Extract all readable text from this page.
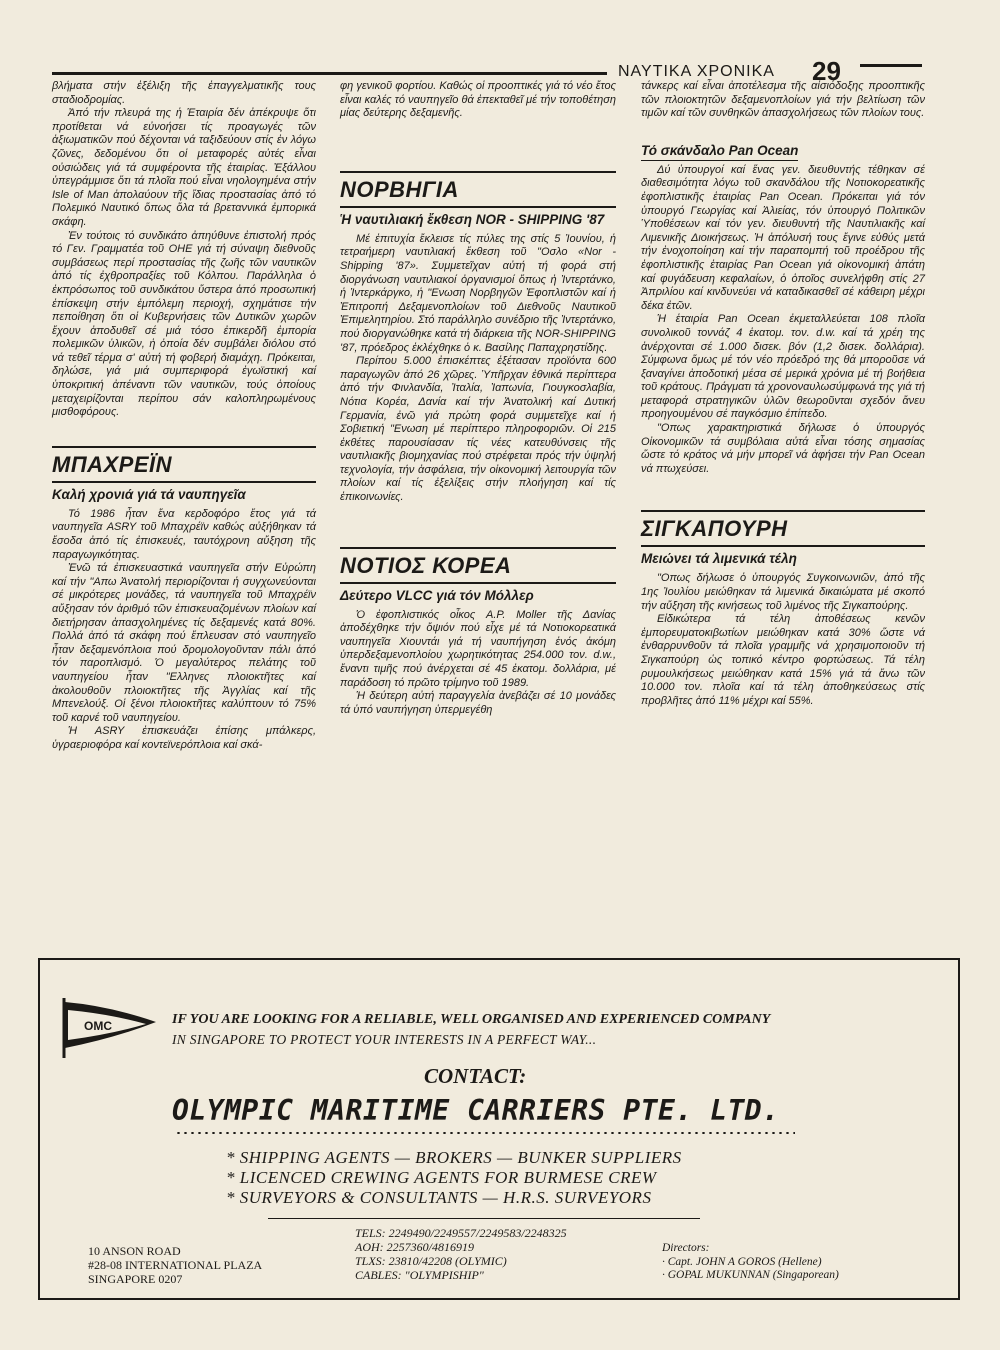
ΝΑΥΤΙΚΑ ΧΡΟΝΙΚΑ 29

βλήματα στήν ἐξέλιξη τῆς ἐπαγγελματικῆς τους σταδιοδρομίας.

Ἀπό τήν πλευρά της ἡ Ἑταιρία δέν ἀπέκρυψε ὅτι προτίθεται νά εὐνοήσει τίς προαγωγές τῶν ἀξιωματικῶν πού δέχονται νά ταξιδεύουν στίς ἐν λόγω ζῶνες, δεδομένου ὅτι οἱ μεταφορές αὐτές εἶναι οὐσιώδεις γιά τά συμφέροντα τῆς ἑταιρίας. Ἐξάλλου ὑπεγράμμισε ὅτι τά πλοῖα πού εἶναι νηολογημένα στήν Isle of Man ἀπολαύουν τῆς ἴδιας προστασίας ἀπό τό Πολεμικό Ναυτικό ὅπως ὅλα τά βρεταννικά ἐμπορικά σκάφη.

Ἐν τούτοις τό συνδικάτο ἀπηύθυνε ἐπιστολή πρός τό Γεν. Γραμματέα τοῦ ΟΗΕ γιά τή σύναψη διεθνοῦς συμβάσεως περί προστασίας τῆς ζωῆς τῶν ναυτικῶν ἀπό τίς ἐχθροπραξίες τοῦ Κόλπου. Παράλληλα ὁ ἐκπρόσωπος τοῦ συνδικάτου ὕστερα ἀπό προσωπική ἐπίσκεψη στήν ἐμπόλεμη περιοχή, σχημάτισε τήν πεποίθηση ὅτι οἱ Κυβερνήσεις τῶν Δυτικῶν χωρῶν ἔχουν ἀποδυθεῖ σέ μιά τόσο ἐπικερδῆ ἐμπορία πολεμικῶν ὑλικῶν, ἡ ὁποία δέν συμβάλει διόλου στό νά τεθεῖ τέρμα σ' αὐτή τή φοβερή διαμάχη. Πρόκειται, δηλώσε, γιά μιά συμπεριφορά ἐγωϊστική καί ὑποκριτική ἀπέναντι τῶν ναυτικῶν, τούς ὁποίους μεταχειρίζονται περίπου σάν καλοπληρωμένους μισθοφόρους.

ΜΠΑΧΡΕΪΝ
Καλή χρονιά γιά τά ναυπηγεῖα

Τό 1986 ἦταν ἕνα κερδοφόρο ἔτος γιά τά ναυπηγεῖα ASRY τοῦ Μπαχρέϊν καθώς αὐξήθηκαν τά ἔσοδα ἀπό τίς ἐπισκευές, ταυτόχρονη αὔξηση τῆς παραγωγικότητας.

Ἐνῶ τά ἐπισκευαστικά ναυπηγεῖα στήν Εὐρώπη καί τήν "Απω Ἀνατολή περιορίζονται ἡ συγχωνεύονται σέ μικρότερες μονάδες, τά ναυπηγεῖα τοῦ Μπαχρέϊν αὔξησαν τόν ἀριθμό τῶν ἐπισκευαζομένων πλοίων καί διετήρησαν ἀπασχολημένες τίς δεξαμενές κατά 80%. Πολλά ἀπό τά σκάφη πού ἔπλευσαν στό ναυπηγεῖο ἦταν δεξαμενόπλοια πού δρομολογοῦνταν πάλι ἀπό τόν παροπλισμό. Ὁ μεγαλύτερος πελάτης τοῦ ναυπηγείου ἦταν "Ελληνες πλοιοκτῆτες καί ἀκολουθοῦν πλοιοκτῆτες τῆς Ἀγγλίας καί τῆς Μπενελούξ. Οἱ ξένοι πλοιοκτῆτες καλύπτουν τό 75% τοῦ καρνέ τοῦ ναυπηγείου.

Ἡ ASRY ἐπισκευάζει ἐπίσης μπάλκερς, ὑγραεριοφόρα καί κοντεϊνερόπλοια καί σκά-

φη γενικοῦ φορτίου. Καθώς οἱ προοπτικές γιά τό νέο ἔτος εἶναι καλές τό ναυπηγεῖο θά ἐπεκταθεῖ μέ τήν τοποθέτηση μίας δεύτερης δεξαμενῆς.

ΝΟΡΒΗΓΙΑ
Ἡ ναυτιλιακή ἔκθεση NOR - SHIPPING '87

Μέ ἐπιτυχία ἔκλεισε τίς πύλες της στίς 5 Ἰουνίου, ἡ τετραήμερη ναυτιλιακή ἔκθεση τοῦ "Οσλο «Nor - Shipping '87». Συμμετεῖχαν αὐτή τή φορά στή διοργάνωση ναυτιλιακοί ὀργανισμοί ὅπως ἡ Ἰντερτάνκο, ἡ Ἰντερκάργκο, ἡ "Ενωση Νορβηγῶν Ἐφοπλιστῶν καί ἡ Ἐπιτροπή Δεξαμενοπλοίων τοῦ Διεθνοῦς Ναυτικοῦ Ἐπιμελητηρίου. Στό παράλληλο συνέδριο τῆς Ἰντερτάνκο, πού διοργανώθηκε κατά τή διάρκεια τῆς NOR-SHIPPING '87, πρόεδρος ἐκλέχθηκε ὁ κ. Βασίλης Παπαχρηστίδης.

Περίπου 5.000 ἐπισκέπτες ἐξέτασαν προϊόντα 600 παραγωγῶν ἀπό 26 χῶρες. Ὑπῆρχαν ἐθνικά περίπτερα ἀπό τήν Φινλανδία, Ἰταλία, Ἰαπωνία, Γιουγκοσλαβία, Νότια Κορέα, Δανία καί τήν Ἀνατολική καί Δυτική Γερμανία, ἐνῶ γιά πρώτη φορά συμμετεῖχε καί ἡ Σοβιετική "Ενωση μέ περίπτερο πληροφοριῶν. Οἱ 215 ἐκθέτες παρουσίασαν τίς νέες κατευθύνσεις τῆς ναυτιλιακῆς βιομηχανίας πού στρέφεται πρός τήν ὑψηλή τεχνολογία, τήν ἀσφάλεια, τήν οἰκονομική λειτουργία τῶν πλοίων καί τίς ἐξελίξεις στήν πλοήγηση καί τίς ἐπικοινωνίες.

ΝΟΤΙΟΣ ΚΟΡΕΑ
Δεύτερο VLCC γιά τόν Μόλλερ

Ὁ ἐφοπλιστικός οἶκος A.P. Moller τῆς Δανίας ἀποδέχθηκε τήν ὄψιόν πού εἶχε μέ τά Νοτιοκορεατικά ναυπηγεῖα Χιουντάι γιά τή ναυπήγηση ἑνός ἀκόμη ὑπερδεξαμενοπλοίου χωρητικότητας 254.000 τον. d.w., ἔναντι τιμῆς πού ἀνέρχεται σέ 45 ἑκατομ. δολλάρια, μέ παράδοση τό πρῶτο τρίμηνο τοῦ 1989.

Ἡ δεύτερη αὐτή παραγγελία ἀνεβάζει σέ 10 μονάδες τά ὑπό ναυπήγηση ὑπερμεγέθη

τάνκερς καί εἶναι ἀποτέλεσμα τῆς αἰσιόδοξης προοπτικῆς τῶν πλοιοκτητῶν δεξαμενοπλοίων γιά τήν βελτίωση τῶν τιμῶν καί τῶν συνθηκῶν ἀπασχολήσεως τῶν πλοίων τους.

Τό σκάνδαλο Pan Ocean

Δύ ὑπουργοί καί ἕνας γεν. διευθυντής τέθηκαν σέ διαθεσιμότητα λόγω τοῦ σκανδάλου τῆς Νοτιοκορεατικῆς ἐφοπλιστικῆς ἑταιρίας Pan Ocean. Πρόκειται γιά τόν ὑπουργό Γεωργίας καί Ἁλιείας, τόν ὑπουργό Πολιτικῶν Ὑποθέσεων καί τόν γεν. διευθυντή τῆς Ναυτιλιακῆς καί Λιμενικῆς Διοικήσεως. Ἡ ἀπόλυσή τους ἔγινε εὐθύς μετά τήν ἐνοχοποίηση καί τήν παραπομπή τοῦ προέδρου τῆς ἐφοπλιστικῆς ἑταιρίας Pan Ocean γιά οἰκονομική ἀπάτη καί φυγάδευση κεφαλαίων, ὁ ὁποῖος συνελήφθη στίς 27 Ἀπριλίου καί κινδυνεύει νά καταδικασθεῖ σέ κάθειρη μέχρι δέκα ἐτῶν.

Ἡ ἑταιρία Pan Ocean ἐκμεταλλεύεται 108 πλοῖα συνολικοῦ τοννάζ 4 ἑκατομ. τον. d.w. καί τά χρέη της ἀνέρχονται σέ 1.000 δισεκ. βόν (1,2 δισεκ. δολλάρια). Σύμφωνα ὅμως μέ τόν νέο πρόεδρό της θά μποροῦσε νά ξαναγίνει ἀποδοτική μέσα σέ μερικά χρόνια μέ τή βοήθεια τοῦ κράτους. Πράγματι τά χρονοναυλωσύμφωνά της γιά τή μεταφορά στρατηγικῶν ὑλῶν θεωροῦνται σχεδόν ἄνευ προηγουμένου σέ παγκόσμιο ἐπίπεδο.

"Οπως χαρακτηριστικά δήλωσε ὁ ὑπουργός Οἰκονομικῶν τά συμβόλαια αὐτά εἶναι τόσης σημασίας ὥστε τό κράτος νά μήν μπορεῖ νά ἀφήσει τήν Pan Ocean νά πτωχεύσει.

ΣΙΓΚΑΠΟΥΡΗ
Μειώνει τά λιμενικά τέλη

"Οπως δήλωσε ὁ ὑπουργός Συγκοινωνιῶν, ἀπό τῆς 1ης Ἰουλίου μειώθηκαν τά λιμενικά δικαιώματα μέ σκοπό τήν αὔξηση τῆς κινήσεως τοῦ λιμένος τῆς Σιγκαπούρης.

Εἰδικώτερα τά τέλη ἀποθέσεως κενῶν ἐμπορευματοκιβωτίων μειώθηκαν κατά 30% ὥστε νά ἐνθαρρυνθοῦν τά πλοῖα γραμμῆς νά χρησιμοποιοῦν τή Σιγκαπούρη ὡς τοπικό κέντρο φορτώσεως. Τά τέλη ρυμουλκήσεως μειώθηκαν κατά 15% γιά τά ἄνω τῶν 10.000 τον. πλοῖα καί τά τέλη ἀποθηκεύσεως στίς προβλῆτες ἀπό 11% μέχρι καί 55%.

OMC	IF YOU ARE LOOKING FOR A RELIABLE, WELL ORGANISED AND EXPERIENCED COMPANY
IN SINGAPORE TO PROTECT YOUR INTERESTS IN A PERFECT WAY...
CONTACT:
OLYMPIC MARITIME CARRIERS PTE. LTD.
* SHIPPING AGENTS — BROKERS — BUNKER SUPPLIERS
* LICENCED CREWING AGENTS FOR BURMESE CREW
* SURVEYORS & CONSULTANTS — H.R.S. SURVEYORS
10 ANSON ROAD
#28-08 INTERNATIONAL PLAZA
SINGAPORE 0207
TELS: 2249490/2249557/2249583/2248325
AOH: 2257360/4816919
TLXS: 23810/42208 (OLYMIC)
CABLES: "OLYMPISHIP"
Directors:
· Capt. JOHN A GOROS (Hellene)
· GOPAL MUKUNNAN (Singaporean)
